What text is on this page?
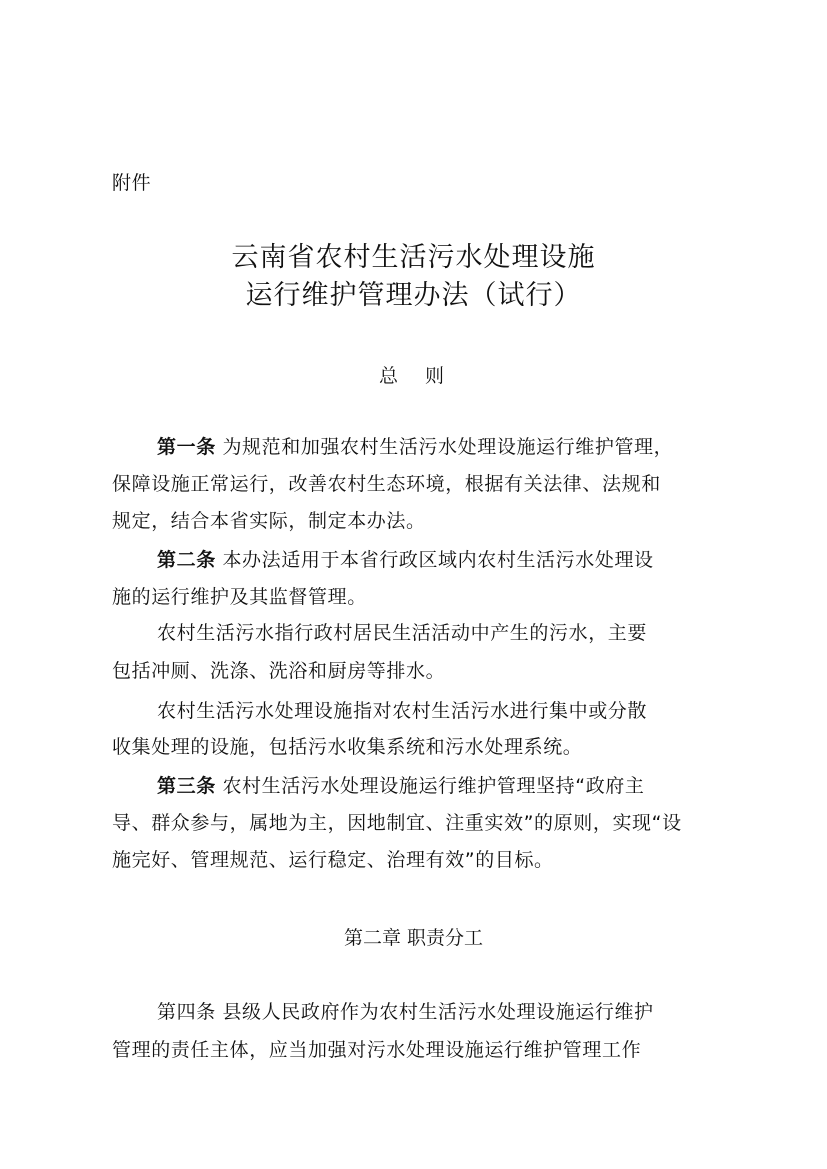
附件
云南省农村生活污水处理设施
运行维护管理办法（试行）
总　则
第一条 为规范和加强农村生活污水处理设施运行维护管理，
保障设施正常运行，改善农村生态环境，根据有关法律、法规和
规定，结合本省实际，制定本办法。
第二条 本办法适用于本省行政区域内农村生活污水处理设
施的运行维护及其监督管理。
农村生活污水指行政村居民生活活动中产生的污水，主要
包括冲厕、洗涤、洗浴和厨房等排水。
农村生活污水处理设施指对农村生活污水进行集中或分散
收集处理的设施，包括污水收集系统和污水处理系统。
第三条 农村生活污水处理设施运行维护管理坚持“政府主
导、群众参与，属地为主，因地制宜、注重实效”的原则，实现“设
施完好、管理规范、运行稳定、治理有效”的目标。
第二章 职责分工
第四条 县级人民政府作为农村生活污水处理设施运行维护
管理的责任主体，应当加强对污水处理设施运行维护管理工作
